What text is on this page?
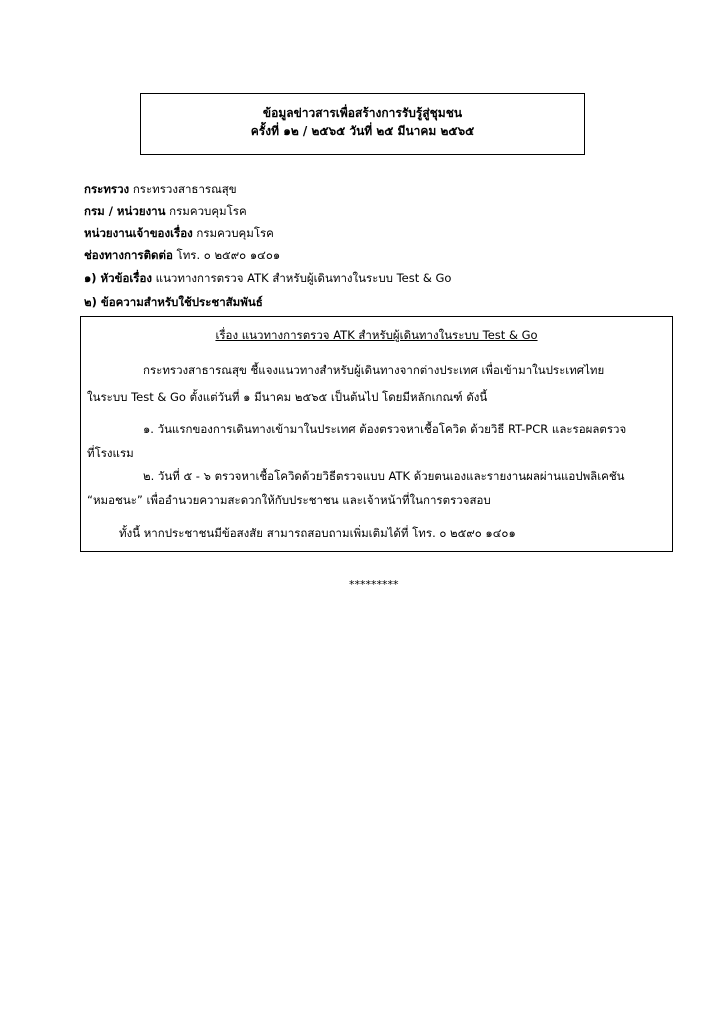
ข้อมูลข่าวสารเพื่อสร้างการรับรู้สู่ชุมชน
ครั้งที่ ๑๒ / ๒๕๖๕ วันที่ ๒๕ มีนาคม ๒๕๖๕
กระทรวง กระทรวงสาธารณสุข
กรม / หน่วยงาน กรมควบคุมโรค
หน่วยงานเจ้าของเรื่อง กรมควบคุมโรค
ช่องทางการติดต่อ โทร. ๐ ๒๕๙๐ ๑๔๐๑
๑) หัวข้อเรื่อง แนวทางการตรวจ ATK สำหรับผู้เดินทางในระบบ Test & Go
๒) ข้อความสำหรับใช้ประชาสัมพันธ์
เรื่อง แนวทางการตรวจ ATK สำหรับผู้เดินทางในระบบ Test & Go
กระทรวงสาธารณสุข ชี้แจงแนวทางสำหรับผู้เดินทางจากต่างประเทศ เพื่อเข้ามาในประเทศไทย
ในระบบ Test & Go ตั้งแต่วันที่ ๑ มีนาคม ๒๕๖๕ เป็นต้นไป โดยมีหลักเกณฑ์ ดังนี้
๑. วันแรกของการเดินทางเข้ามาในประเทศ ต้องตรวจหาเชื้อโควิด ด้วยวิธี RT-PCR และรอผลตรวจ
ที่โรงแรม
๒. วันที่ ๕ - ๖ ตรวจหาเชื้อโควิดด้วยวิธีตรวจแบบ ATK ด้วยตนเองและรายงานผลผ่านแอปพลิเคชัน
“หมอชนะ” เพื่ออำนวยความสะดวกให้กับประชาชน และเจ้าหน้าที่ในการตรวจสอบ
ทั้งนี้ หากประชาชนมีข้อสงสัย สามารถสอบถามเพิ่มเติมได้ที่ โทร. ๐ ๒๕๙๐ ๑๔๐๑
*********
